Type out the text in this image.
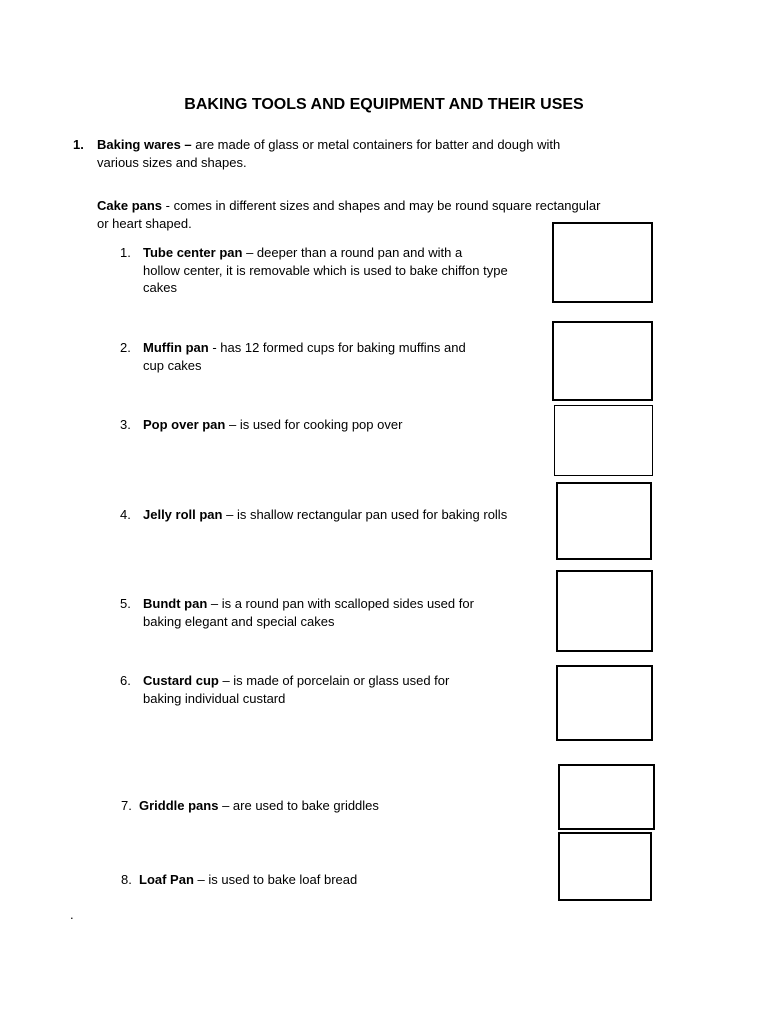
BAKING TOOLS AND EQUIPMENT AND THEIR USES
1. Baking wares – are made of glass or metal containers for batter and dough with
various sizes and shapes.
Cake pans - comes in different sizes and shapes and may be round square rectangular
or heart shaped.
1. Tube center pan – deeper than a round pan and with a
hollow center, it is removable which is used to bake chiffon type
cakes
2. Muffin pan - has 12 formed cups for baking muffins and
cup cakes
3. Pop over pan – is used for cooking pop over
4. Jelly roll pan – is shallow rectangular pan used for baking rolls
5. Bundt pan – is a round pan with scalloped sides used for
baking elegant and special cakes
6. Custard cup – is made of porcelain or glass used for
baking individual custard
7. Griddle pans – are used to bake griddles
8. Loaf Pan – is used to bake loaf bread
.
